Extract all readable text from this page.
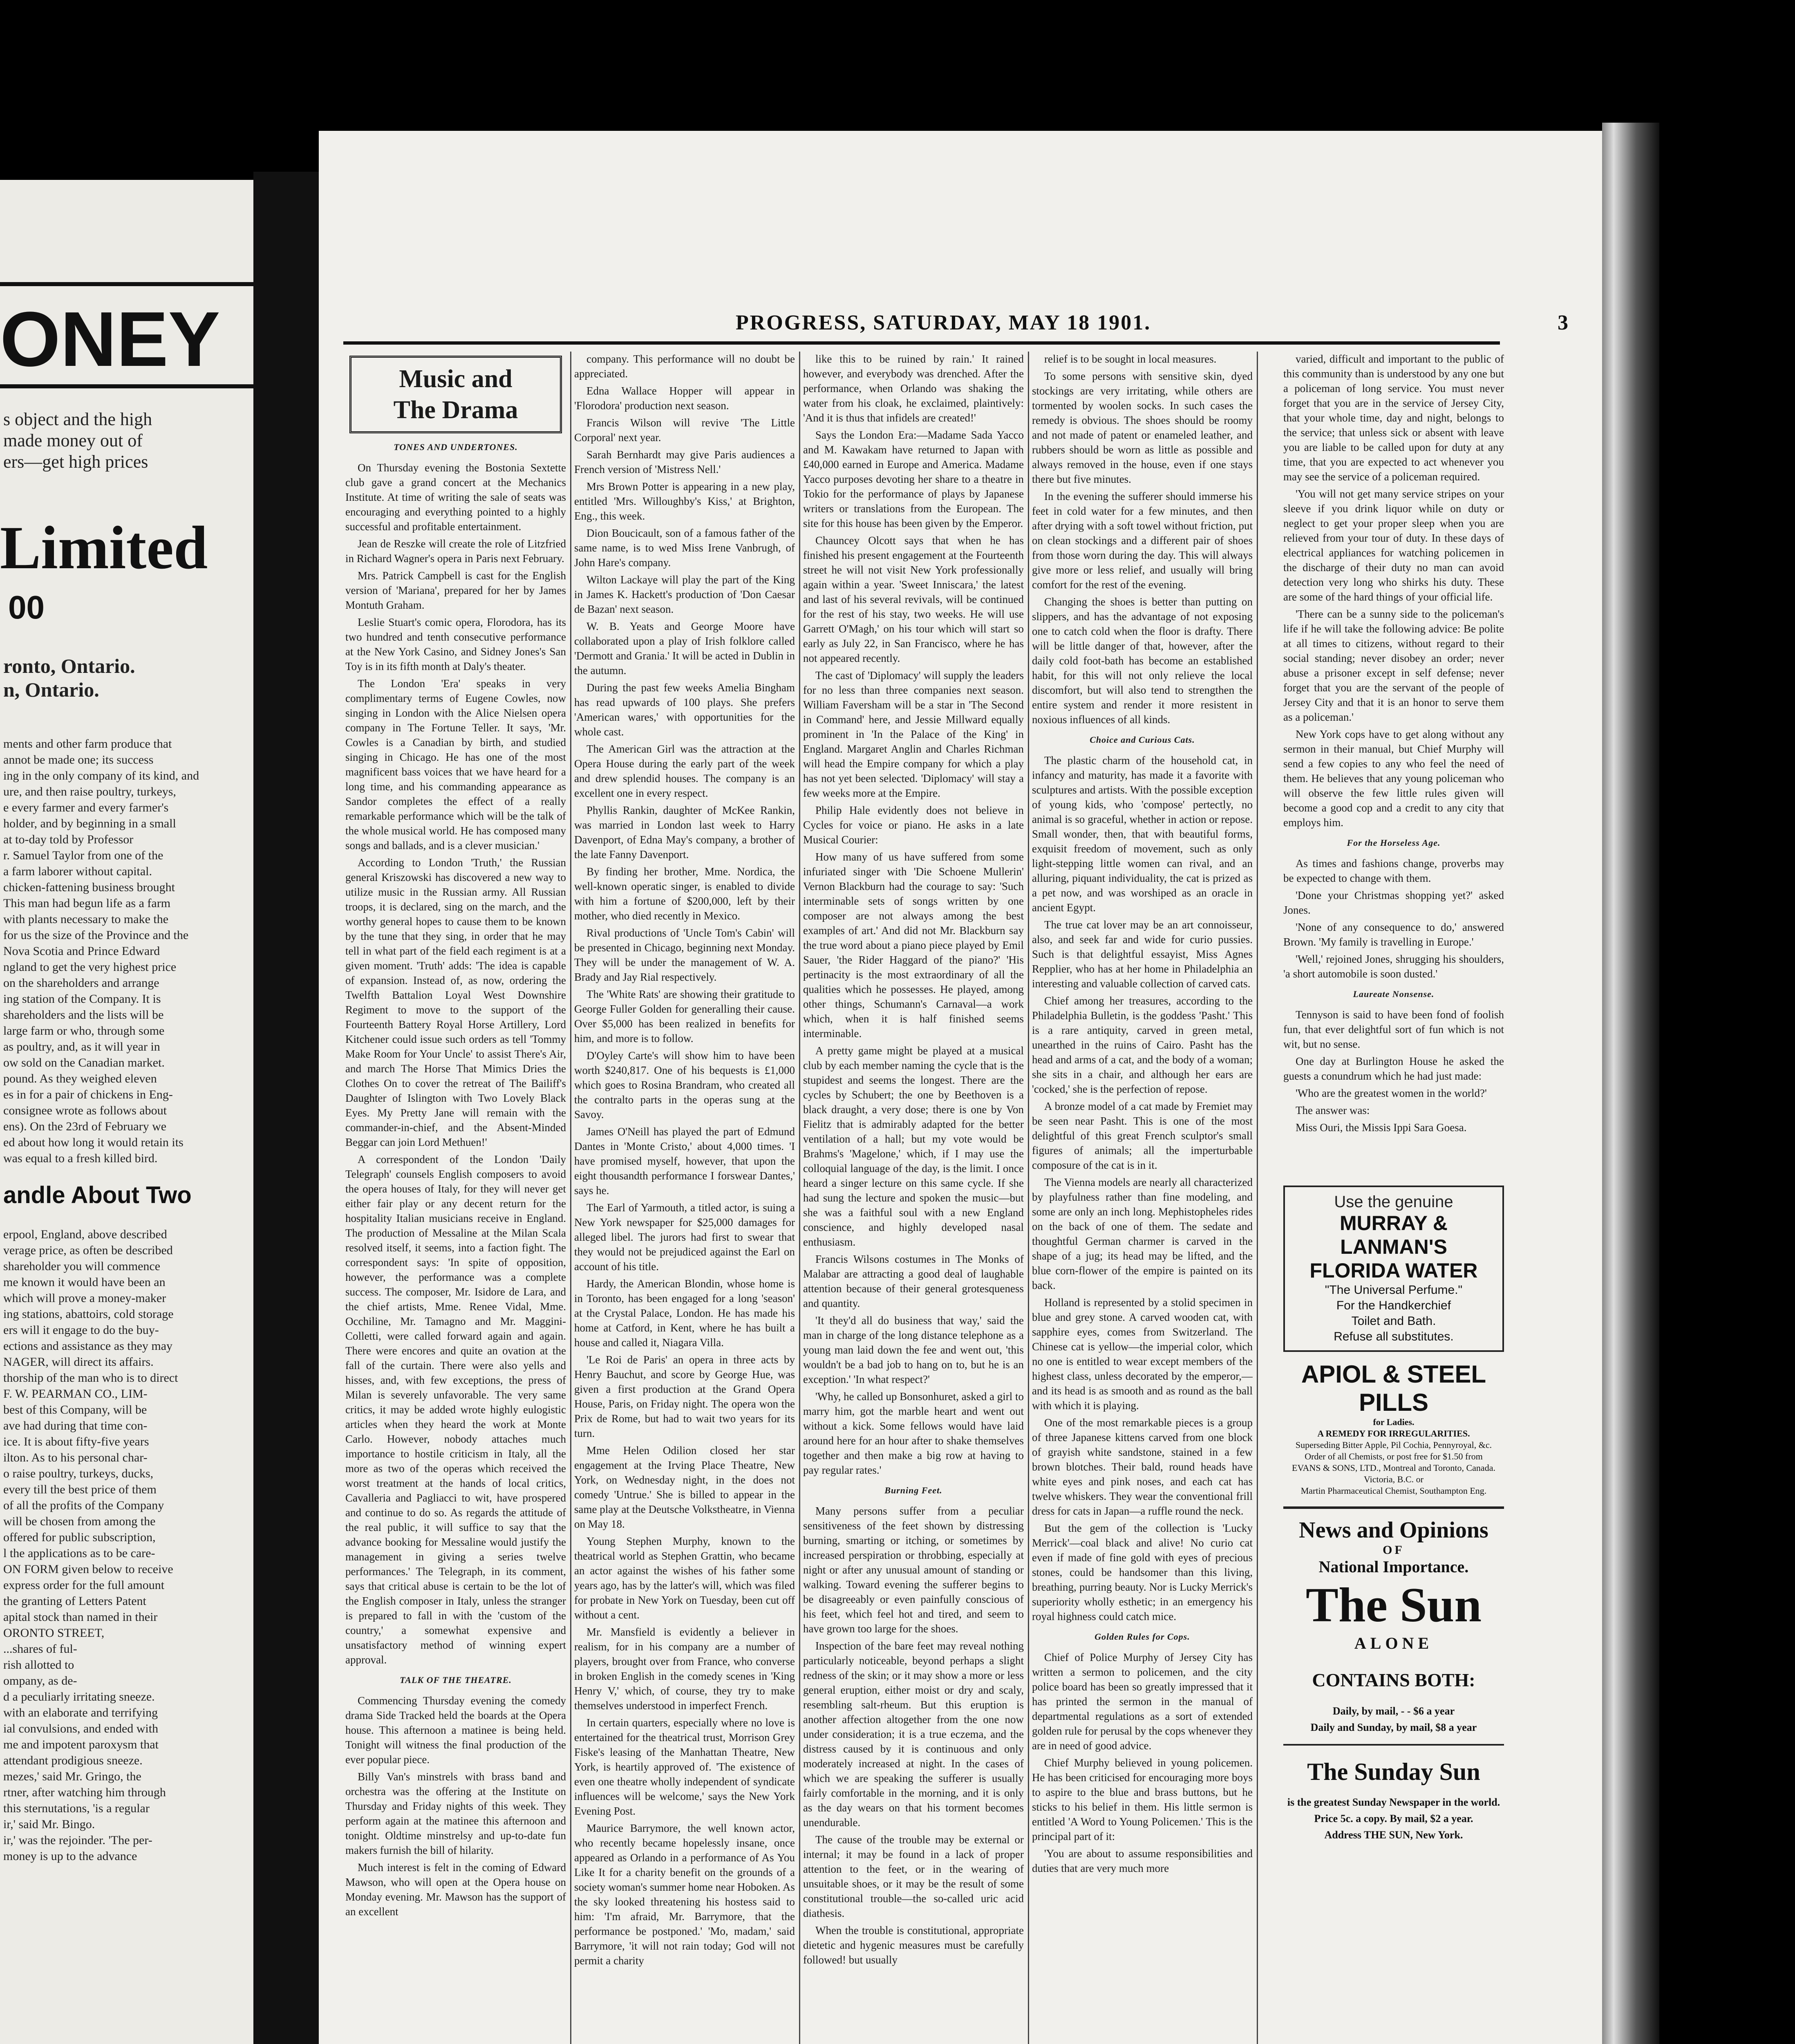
ONEY
s object and the high
made money out of
ers—get high prices
Limited
00
ronto, Ontario.
n, Ontario.
ments and other farm produce that
annot be made one; its success
ing in the only company of its kind, and
ure, and then raise poultry, turkeys,
e every farmer and every farmer's
holder, and by beginning in a small
at to-day told by Professor
r. Samuel Taylor from one of the
a farm laborer without capital.
chicken-fattening business brought
This man had begun life as a farm
with plants necessary to make the
for us the size of the Province and the
Nova Scotia and Prince Edward
ngland to get the very highest price
on the shareholders and arrange
ing station of the Company. It is
shareholders and the lists will be
large farm or who, through some
as poultry, and, as it will year in
ow sold on the Canadian market.
pound. As they weighed eleven
es in for a pair of chickens in Eng-
consignee wrote as follows about
ens). On the 23rd of February we
ed about how long it would retain its
was equal to a fresh killed bird.
andle About Two
erpool, England, above described
verage price, as often be described
shareholder you will commence
me known it would have been an
which will prove a money-maker
ing stations, abattoirs, cold storage
ers will it engage to do the buy-
ections and assistance as they may
NAGER, will direct its affairs.
thorship of the man who is to direct
F. W. PEARMAN CO., LIM-
best of this Company, will be
ave had during that time con-
ice. It is about fifty-five years
ilton. As to his personal char-
o raise poultry, turkeys, ducks,
every till the best price of them
of all the profits of the Company
will be chosen from among the
offered for public subscription,
l the applications as to be care-
ON FORM given below to receive
express order for the full amount
the granting of Letters Patent
apital stock than named in their
ORONTO STREET,
...shares of ful-
rish allotted to
ompany, as de-
d a peculiarly irritating sneeze.
with an elaborate and terrifying
ial convulsions, and ended with
me and impotent paroxysm that
attendant prodigious sneeze.
mezes,' said Mr. Gringo, the
rtner, after watching him through
this sternutations, 'is a regular
ir,' said Mr. Bingo.
ir,' was the rejoinder. 'The per-
money is up to the advance
PROGRESS, SATURDAY, MAY 18 1901.	3
Music and
The Drama
TONES AND UNDERTONES.

On Thursday evening the Bostonia Sextette club gave a grand concert at the Mechanics Institute. At time of writing the sale of seats was encouraging and everything pointed to a highly successful and profitable entertainment.

Jean de Reszke will create the role of Litzfried in Richard Wagner's opera in Paris next February.

Mrs. Patrick Campbell is cast for the English version of 'Mariana', prepared for her by James Montuth Graham.

Leslie Stuart's comic opera, Florodora, has its two hundred and tenth consecutive performance at the New York Casino, and Sidney Jones's San Toy is in its fifth month at Daly's theater.

The London 'Era' speaks in very complimentary terms of Eugene Cowles, now singing in London with the Alice Nielsen opera company in The Fortune Teller. It says, 'Mr. Cowles is a Canadian by birth, and studied singing in Chicago. He has one of the most magnificent bass voices that we have heard for a long time, and his commanding appearance as Sandor completes the effect of a really remarkable performance which will be the talk of the whole musical world. He has composed many songs and ballads, and is a clever musician.'

According to London 'Truth,' the Russian general Kriszowski has discovered a new way to utilize music in the Russian army. All Russian troops, it is declared, sing on the march, and the worthy general hopes to cause them to be known by the tune that they sing, in order that he may tell in what part of the field each regiment is at a given moment. 'Truth' adds: 'The idea is capable of expansion. Instead of, as now, ordering the Twelfth Battalion Loyal West Downshire Regiment to move to the support of the Fourteenth Battery Royal Horse Artillery, Lord Kitchener could issue such orders as tell 'Tommy Make Room for Your Uncle' to assist There's Air, and march The Horse That Mimics Dries the Clothes On to cover the retreat of The Bailiff's Daughter of Islington with Two Lovely Black Eyes. My Pretty Jane will remain with the commander-in-chief, and the Absent-Minded Beggar can join Lord Methuen!'

A correspondent of the London 'Daily Telegraph' counsels English composers to avoid the opera houses of Italy, for they will never get either fair play or any decent return for the hospitality Italian musicians receive in England. The production of Messaline at the Milan Scala resolved itself, it seems, into a faction fight. The correspondent says: 'In spite of opposition, however, the performance was a complete success. The composer, Mr. Isidore de Lara, and the chief artists, Mme. Renee Vidal, Mme. Occhiline, Mr. Tamagno and Mr. Maggini-Colletti, were called forward again and again. There were encores and quite an ovation at the fall of the curtain. There were also yells and hisses, and, with few exceptions, the press of Milan is severely unfavorable. The very same critics, it may be added wrote highly eulogistic articles when they heard the work at Monte Carlo. However, nobody attaches much importance to hostile criticism in Italy, all the more as two of the operas which received the worst treatment at the hands of local critics, Cavalleria and Pagliacci to wit, have prospered and continue to do so. As regards the attitude of the real public, it will suffice to say that the advance booking for Messaline would justify the management in giving a series twelve performances.' The Telegraph, in its comment, says that critical abuse is certain to be the lot of the English composer in Italy, unless the stranger is prepared to fall in with the 'custom of the country,' a somewhat expensive and unsatisfactory method of winning expert approval.

TALK OF THE THEATRE.

Commencing Thursday evening the comedy drama Side Tracked held the boards at the Opera house. This afternoon a matinee is being held. Tonight will witness the final production of the ever popular piece.

Billy Van's minstrels with brass band and orchestra was the offering at the Institute on Thursday and Friday nights of this week. They perform again at the matinee this afternoon and tonight. Oldtime minstrelsy and up-to-date fun makers furnish the bill of hilarity.

Much interest is felt in the coming of Edward Mawson, who will open at the Opera house on Monday evening. Mr. Mawson has the support of an excellent

company. This performance will no doubt be appreciated.

Edna Wallace Hopper will appear in 'Florodora' production next season.

Francis Wilson will revive 'The Little Corporal' next year.

Sarah Bernhardt may give Paris audiences a French version of 'Mistress Nell.'

Mrs Brown Potter is appearing in a new play, entitled 'Mrs. Willoughby's Kiss,' at Brighton, Eng., this week.

Dion Boucicault, son of a famous father of the same name, is to wed Miss Irene Vanbrugh, of John Hare's company.

Wilton Lackaye will play the part of the King in James K. Hackett's production of 'Don Caesar de Bazan' next season.

W. B. Yeats and George Moore have collaborated upon a play of Irish folklore called 'Dermott and Grania.' It will be acted in Dublin in the autumn.

During the past few weeks Amelia Bingham has read upwards of 100 plays. She prefers 'American wares,' with opportunities for the whole cast.

The American Girl was the attraction at the Opera House during the early part of the week and drew splendid houses. The company is an excellent one in every respect.

Phyllis Rankin, daughter of McKee Rankin, was married in London last week to Harry Davenport, of Edna May's company, a brother of the late Fanny Davenport.

By finding her brother, Mme. Nordica, the well-known operatic singer, is enabled to divide with him a fortune of $200,000, left by their mother, who died recently in Mexico.

Rival productions of 'Uncle Tom's Cabin' will be presented in Chicago, beginning next Monday. They will be under the management of W. A. Brady and Jay Rial respectively.

The 'White Rats' are showing their gratitude to George Fuller Golden for generalling their cause. Over $5,000 has been realized in benefits for him, and more is to follow.

D'Oyley Carte's will show him to have been worth $240,817. One of his bequests is £1,000 which goes to Rosina Brandram, who created all the contralto parts in the operas sung at the Savoy.

James O'Neill has played the part of Edmund Dantes in 'Monte Cristo,' about 4,000 times. 'I have promised myself, however, that upon the eight thousandth performance I forswear Dantes,' says he.

The Earl of Yarmouth, a titled actor, is suing a New York newspaper for $25,000 damages for alleged libel. The jurors had first to swear that they would not be prejudiced against the Earl on account of his title.

Hardy, the American Blondin, whose home is in Toronto, has been engaged for a long 'season' at the Crystal Palace, London. He has made his home at Catford, in Kent, where he has built a house and called it, Niagara Villa.

'Le Roi de Paris' an opera in three acts by Henry Bauchut, and score by George Hue, was given a first production at the Grand Opera House, Paris, on Friday night. The opera won the Prix de Rome, but had to wait two years for its turn.

Mme Helen Odilion closed her star engagement at the Irving Place Theatre, New York, on Wednesday night, in the does not comedy 'Untrue.' She is billed to appear in the same play at the Deutsche Volkstheatre, in Vienna on May 18.

Young Stephen Murphy, known to the theatrical world as Stephen Grattin, who became an actor against the wishes of his father some years ago, has by the latter's will, which was filed for probate in New York on Tuesday, been cut off without a cent.

Mr. Mansfield is evidently a believer in realism, for in his company are a number of players, brought over from France, who converse in broken English in the comedy scenes in 'King Henry V,' which, of course, they try to make themselves understood in imperfect French.

In certain quarters, especially where no love is entertained for the theatrical trust, Morrison Grey Fiske's leasing of the Manhattan Theatre, New York, is heartily approved of. 'The existence of even one theatre wholly independent of syndicate influences will be welcome,' says the New York Evening Post.

Maurice Barrymore, the well known actor, who recently became hopelessly insane, once appeared as Orlando in a performance of As You Like It for a charity benefit on the grounds of a society woman's summer home near Hoboken. As the sky looked threatening his hostess said to him: 'I'm afraid, Mr. Barrymore, that the performance be postponed.' 'Mo, madam,' said Barrymore, 'it will not rain today; God will not permit a charity

like this to be ruined by rain.' It rained however, and everybody was drenched. After the performance, when Orlando was shaking the water from his cloak, he exclaimed, plaintively: 'And it is thus that infidels are created!'

Says the London Era:—Madame Sada Yacco and M. Kawakam have returned to Japan with £40,000 earned in Europe and America. Madame Yacco purposes devoting her share to a theatre in Tokio for the performance of plays by Japanese writers or translations from the European. The site for this house has been given by the Emperor.

Chauncey Olcott says that when he has finished his present engagement at the Fourteenth street he will not visit New York professionally again within a year. 'Sweet Inniscara,' the latest and last of his several revivals, will be continued for the rest of his stay, two weeks. He will use Garrett O'Magh,' on his tour which will start so early as July 22, in San Francisco, where he has not appeared recently.

The cast of 'Diplomacy' will supply the leaders for no less than three companies next season. William Faversham will be a star in 'The Second in Command' here, and Jessie Millward equally prominent in 'In the Palace of the King' in England. Margaret Anglin and Charles Richman will head the Empire company for which a play has not yet been selected. 'Diplomacy' will stay a few weeks more at the Empire.

Philip Hale evidently does not believe in Cycles for voice or piano. He asks in a late Musical Courier:

How many of us have suffered from some infuriated singer with 'Die Schoene Mullerin' Vernon Blackburn had the courage to say: 'Such interminable sets of songs written by one composer are not always among the best examples of art.' And did not Mr. Blackburn say the true word about a piano piece played by Emil Sauer, 'the Rider Haggard of the piano?' 'His pertinacity is the most extraordinary of all the qualities which he possesses. He played, among other things, Schumann's Carnaval—a work which, when it is half finished seems interminable.

A pretty game might be played at a musical club by each member naming the cycle that is the stupidest and seems the longest. There are the cycles by Schubert; the one by Beethoven is a black draught, a very dose; there is one by Von Fielitz that is admirably adapted for the better ventilation of a hall; but my vote would be Brahms's 'Magelone,' which, if I may use the colloquial language of the day, is the limit. I once heard a singer lecture on this same cycle. If she had sung the lecture and spoken the music—but she was a faithful soul with a new England conscience, and highly developed nasal enthusiasm.

Francis Wilsons costumes in The Monks of Malabar are attracting a good deal of laughable attention because of their general grotesqueness and quantity.

'It they'd all do business that way,' said the man in charge of the long distance telephone as a young man laid down the fee and went out, 'this wouldn't be a bad job to hang on to, but he is an exception.' 'In what respect?'

'Why, he called up Bonsonhuret, asked a girl to marry him, got the marble heart and went out without a kick. Some fellows would have laid around here for an hour after to shake themselves together and then make a big row at having to pay regular rates.'

Burning Feet.

Many persons suffer from a peculiar sensitiveness of the feet shown by distressing burning, smarting or itching, or sometimes by increased perspiration or throbbing, especially at night or after any unusual amount of standing or walking. Toward evening the sufferer begins to be disagreeably or even painfully conscious of his feet, which feel hot and tired, and seem to have grown too large for the shoes.

Inspection of the bare feet may reveal nothing particularly noticeable, beyond perhaps a slight redness of the skin; or it may show a more or less general eruption, either moist or dry and scaly, resembling salt-rheum. But this eruption is another affection altogether from the one now under consideration; it is a true eczema, and the distress caused by it is continuous and only moderately increased at night. In the cases of which we are speaking the sufferer is usually fairly comfortable in the morning, and it is only as the day wears on that his torment becomes unendurable.

The cause of the trouble may be external or internal; it may be found in a lack of proper attention to the feet, or in the wearing of unsuitable shoes, or it may be the result of some constitutional trouble—the so-called uric acid diathesis.

When the trouble is constitutional, appropriate dietetic and hygenic measures must be carefully followed! but usually

relief is to be sought in local measures.

To some persons with sensitive skin, dyed stockings are very irritating, while others are tormented by woolen socks. In such cases the remedy is obvious. The shoes should be roomy and not made of patent or enameled leather, and rubbers should be worn as little as possible and always removed in the house, even if one stays there but five minutes.

In the evening the sufferer should immerse his feet in cold water for a few minutes, and then after drying with a soft towel without friction, put on clean stockings and a different pair of shoes from those worn during the day. This will always give more or less relief, and usually will bring comfort for the rest of the evening.

Changing the shoes is better than putting on slippers, and has the advantage of not exposing one to catch cold when the floor is drafty. There will be little danger of that, however, after the daily cold foot-bath has become an established habit, for this will not only relieve the local discomfort, but will also tend to strengthen the entire system and render it more resistent in noxious influences of all kinds.

Choice and Curious Cats.

The plastic charm of the household cat, in infancy and maturity, has made it a favorite with sculptures and artists. With the possible exception of young kids, who 'compose' pertectly, no animal is so graceful, whether in action or repose. Small wonder, then, that with beautiful forms, exquisit freedom of movement, such as only light-stepping little women can rival, and an alluring, piquant individuality, the cat is prized as a pet now, and was worshiped as an oracle in ancient Egypt.

The true cat lover may be an art connoisseur, also, and seek far and wide for curio pussies. Such is that delightful essayist, Miss Agnes Repplier, who has at her home in Philadelphia an interesting and valuable collection of carved cats.

Chief among her treasures, according to the Philadelphia Bulletin, is the goddess 'Pasht.' This is a rare antiquity, carved in green metal, unearthed in the ruins of Cairo. Pasht has the head and arms of a cat, and the body of a woman; she sits in a chair, and although her ears are 'cocked,' she is the perfection of repose.

A bronze model of a cat made by Fremiet may be seen near Pasht. This is one of the most delightful of this great French sculptor's small figures of animals; all the imperturbable composure of the cat is in it.

The Vienna models are nearly all characterized by playfulness rather than fine modeling, and some are only an inch long. Mephistopheles rides on the back of one of them. The sedate and thoughtful German charmer is carved in the shape of a jug; its head may be lifted, and the blue corn-flower of the empire is painted on its back.

Holland is represented by a stolid specimen in blue and grey stone. A carved wooden cat, with sapphire eyes, comes from Switzerland. The Chinese cat is yellow—the imperial color, which no one is entitled to wear except members of the highest class, unless decorated by the emperor,—and its head is as smooth and as round as the ball with which it is playing.

One of the most remarkable pieces is a group of three Japanese kittens carved from one block of grayish white sandstone, stained in a few brown blotches. Their bald, round heads have white eyes and pink noses, and each cat has twelve whiskers. They wear the conventional frill dress for cats in Japan—a ruffle round the neck.

But the gem of the collection is 'Lucky Merrick'—coal black and alive! No curio cat even if made of fine gold with eyes of precious stones, could be handsomer than this living, breathing, purring beauty. Nor is Lucky Merrick's superiority wholly esthetic; in an emergency his royal highness could catch mice.

Golden Rules for Cops.

Chief of Police Murphy of Jersey City has written a sermon to policemen, and the city police board has been so greatly impressed that it has printed the sermon in the manual of departmental regulations as a sort of extended golden rule for perusal by the cops whenever they are in need of good advice.

Chief Murphy believed in young policemen. He has been criticised for encouraging more boys to aspire to the blue and brass buttons, but he sticks to his belief in them. His little sermon is entitled 'A Word to Young Policemen.' This is the principal part of it:

'You are about to assume responsibilities and duties that are very much more

varied, difficult and important to the public of this community than is understood by any one but a policeman of long service. You must never forget that you are in the service of Jersey City, that your whole time, day and night, belongs to the service; that unless sick or absent with leave you are liable to be called upon for duty at any time, that you are expected to act whenever you may see the service of a policeman required.

'You will not get many service stripes on your sleeve if you drink liquor while on duty or neglect to get your proper sleep when you are relieved from your tour of duty. In these days of electrical appliances for watching policemen in the discharge of their duty no man can avoid detection very long who shirks his duty. These are some of the hard things of your official life.

'There can be a sunny side to the policeman's life if he will take the following advice: Be polite at all times to citizens, without regard to their social standing; never disobey an order; never abuse a prisoner except in self defense; never forget that you are the servant of the people of Jersey City and that it is an honor to serve them as a policeman.'

New York cops have to get along without any sermon in their manual, but Chief Murphy will send a few copies to any who feel the need of them. He believes that any young policeman who will observe the few little rules given will become a good cop and a credit to any city that employs him.

For the Horseless Age.

As times and fashions change, proverbs may be expected to change with them.

'Done your Christmas shopping yet?' asked Jones.

'None of any consequence to do,' answered Brown. 'My family is travelling in Europe.'

'Well,' rejoined Jones, shrugging his shoulders, 'a short automobile is soon dusted.'

Laureate Nonsense.

Tennyson is said to have been fond of foolish fun, that ever delightful sort of fun which is not wit, but no sense.

One day at Burlington House he asked the guests a conundrum which he had just made:

'Who are the greatest women in the world?'

The answer was:

Miss Ouri, the Missis Ippi Sara Goesa.

Use the genuine
MURRAY & LANMAN'S
FLORIDA WATER
"The Universal Perfume."
For the Handkerchief
Toilet and Bath.
Refuse all substitutes.
APIOL & STEEL PILLS
for Ladies.
A REMEDY FOR IRREGULARITIES.
Superseding Bitter Apple, Pil Cochia, Pennyroyal, &c.
Order of all Chemists, or post free for $1.50 from
EVANS & SONS, LTD., Montreal and Toronto, Canada. Victoria, B.C. or
Martin Pharmaceutical Chemist, Southampton Eng.
News and Opinions
OF
National Importance.
The Sun
ALONE
CONTAINS BOTH:
Daily, by mail, - - $6 a year
Daily and Sunday, by mail, $8 a year
The Sunday Sun
is the greatest Sunday Newspaper in the world.
Price 5c. a copy. By mail, $2 a year.
Address THE SUN, New York.
